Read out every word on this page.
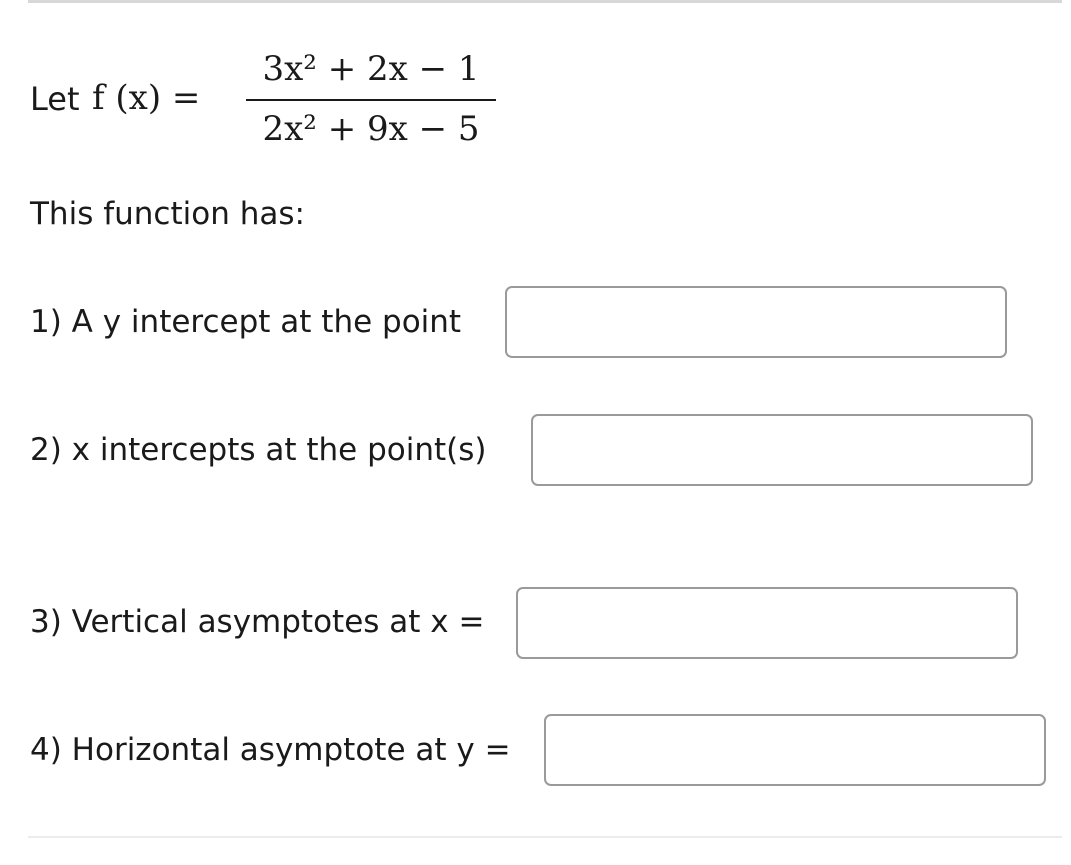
Let f (x) =
3x² + 2x − 1
2x² + 9x − 5
This function has:
1) A y intercept at the point
2) x intercepts at the point(s)
3) Vertical asymptotes at x =
4) Horizontal asymptote at y =
